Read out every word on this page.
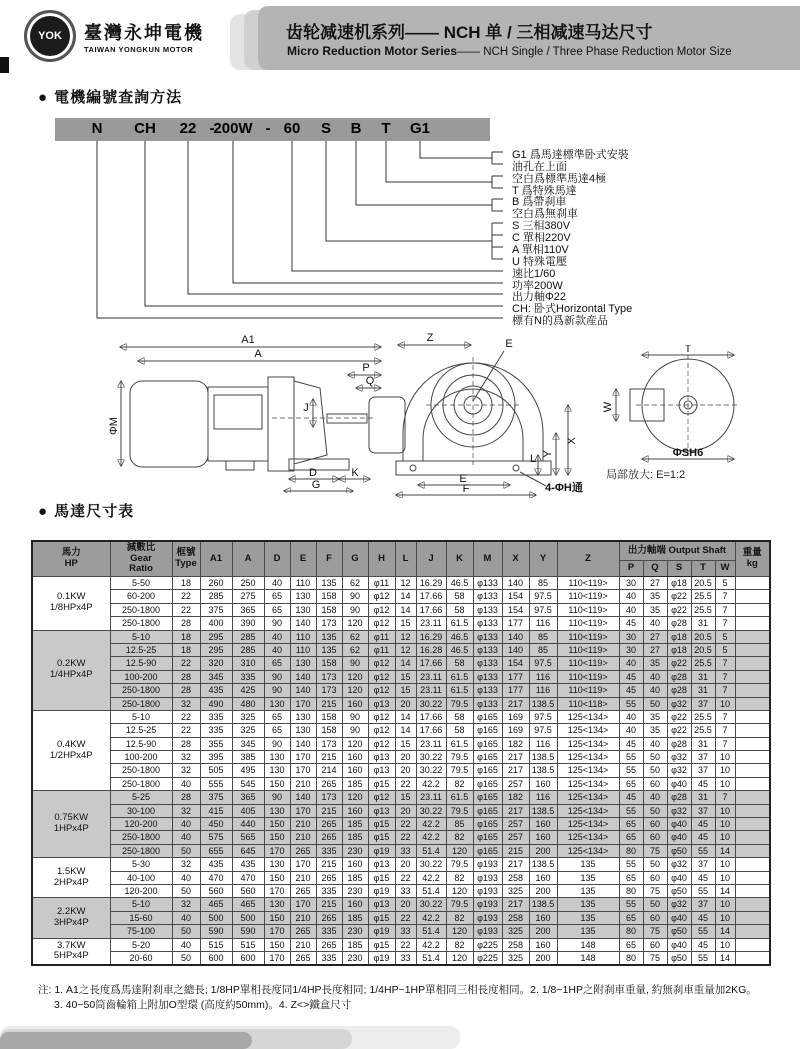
YOK	臺灣永坤電機
TAIWAN YONGKUN MOTOR
齿轮减速机系列—— NCH 单 / 三相减速马达尺寸
Micro Reduction Motor Series—— NCH Single / Three Phase Reduction Motor Size
● 電機編號查詢方法
N CH 22 -
200W - 60 S B T G1
G1 爲馬達標準卧式安裝
油孔在上面
空白爲標準馬達4極
T 爲特殊馬達
B 爲帶刹車
空白爲無刹車
S 三相380V
C 單相220V
A 單相110V
U 特殊電壓
速比1/60
功率200W
出力軸Φ22
CH: 卧式Horizontal Type
標有N的爲新款産品
A1
A
P
Q
ΦM
J
D	K
G
Z	E
X
Y
L
E
F	4-ΦH通
T
W
ΦSH6
局部放大: E=1:2
● 馬達尺寸表
馬力
HP	減數比
Gear
Ratio	框號
Type	A1	A	D	E	F	G	H	L	J	K	M	X	Y	Z	出力軸端 Output Shaft					重量
kg
																	P	Q	S	T	W	
0.1KW
1/8HPx4P	5-50	18	260	250	40	110	135	62	φ11	12	16.29	46.5	φ133	140	85	110<119>	30	27	φ18	20.5	5	
	60-200	22	285	275	65	130	158	90	φ12	14	17.66	58	φ133	154	97.5	110<119>	40	35	φ22	25.5	7	
	250-1800	22	375	365	65	130	158	90	φ12	14	17.66	58	φ133	154	97.5	110<119>	40	35	φ22	25.5	7	
	250-1800	28	400	390	90	140	173	120	φ12	15	23.11	61.5	φ133	177	116	110<119>	45	40	φ28	31	7	
0.2KW
1/4HPx4P	5-10	18	295	285	40	110	135	62	φ11	12	16.29	46.5	φ133	140	85	110<119>	30	27	φ18	20.5	5	
	12.5-25	18	295	285	40	110	135	62	φ11	12	16.28	46.5	φ133	140	85	110<119>	30	27	φ18	20.5	5	
	12.5-90	22	320	310	65	130	158	90	φ12	14	17.66	58	φ133	154	97.5	110<119>	40	35	φ22	25.5	7	
	100-200	28	345	335	90	140	173	120	φ12	15	23.11	61.5	φ133	177	116	110<119>	45	40	φ28	31	7	
	250-1800	28	435	425	90	140	173	120	φ12	15	23.11	61.5	φ133	177	116	110<119>	45	40	φ28	31	7	
	250-1800	32	490	480	130	170	215	160	φ13	20	30.22	79.5	φ133	217	138.5	110<118>	55	50	φ32	37	10	
0.4KW
1/2HPx4P	5-10	22	335	325	65	130	158	90	φ12	14	17.66	58	φ165	169	97.5	125<134>	40	35	φ22	25.5	7	
	12.5-25	22	335	325	65	130	158	90	φ12	14	17.66	58	φ165	169	97.5	125<134>	40	35	φ22	25.5	7	
	12.5-90	28	355	345	90	140	173	120	φ12	15	23.11	61.5	φ165	182	116	125<134>	45	40	φ28	31	7	
	100-200	32	395	385	130	170	215	160	φ13	20	30.22	79.5	φ165	217	138.5	125<134>	55	50	φ32	37	10	
	250-1800	32	505	495	130	170	214	160	φ13	20	30.22	79.5	φ165	217	138.5	125<134>	55	50	φ32	37	10	
	250-1800	40	555	545	150	210	265	185	φ15	22	42.2	82	φ165	257	160	125<134>	65	60	φ40	45	10	
0.75KW
1HPx4P	5-25	28	375	365	90	140	173	120	φ12	15	23.11	61.5	φ165	182	116	125<134>	45	40	φ28	31	7	
	30-100	32	415	405	130	170	215	160	φ13	20	30.22	79.5	φ165	217	138.5	125<134>	55	50	φ32	37	10	
	120-200	40	450	440	150	210	265	185	φ15	22	42.2	85	φ165	257	160	125<134>	65	60	φ40	45	10	
	250-1800	40	575	565	150	210	265	185	φ15	22	42.2	82	φ165	257	160	125<134>	65	60	φ40	45	10	
	250-1800	50	655	645	170	265	335	230	φ19	33	51.4	120	φ165	215	200	125<134>	80	75	φ50	55	14	
1.5KW
2HPx4P	5-30	32	435	435	130	170	215	160	φ13	20	30.22	79.5	φ193	217	138.5	135	55	50	φ32	37	10	
	40-100	40	470	470	150	210	265	185	φ15	22	42.2	82	φ193	258	160	135	65	60	φ40	45	10	
	120-200	50	560	560	170	265	335	230	φ19	33	51.4	120	φ193	325	200	135	80	75	φ50	55	14	
2.2KW
3HPx4P	5-10	32	465	465	130	170	215	160	φ13	20	30.22	79.5	φ193	217	138.5	135	55	50	φ32	37	10	
	15-60	40	500	500	150	210	265	185	φ15	22	42.2	82	φ193	258	160	135	65	60	φ40	45	10	
	75-100	50	590	590	170	265	335	230	φ19	33	51.4	120	φ193	325	200	135	80	75	φ50	55	14	
3.7KW
5HPx4P	5-20	40	515	515	150	210	265	185	φ15	22	42.2	82	φ225	258	160	148	65	60	φ40	45	10	
	20-60	50	600	600	170	265	335	230	φ19	33	51.4	120	φ225	325	200	148	80	75	φ50	55	14	
注: 1. A1之長度爲馬達附刹車之總長; 1/8HP單相長度同1/4HP長度相同; 1/4HP~1HP單相同三相長度相同。2. 1/8~1HP之附刹車重量, 約無刹車重量加2KG。
3. 40~50筒齒輪箱上附加O型環 (高度約50mm)。4. Z<>鐵盒尺寸
